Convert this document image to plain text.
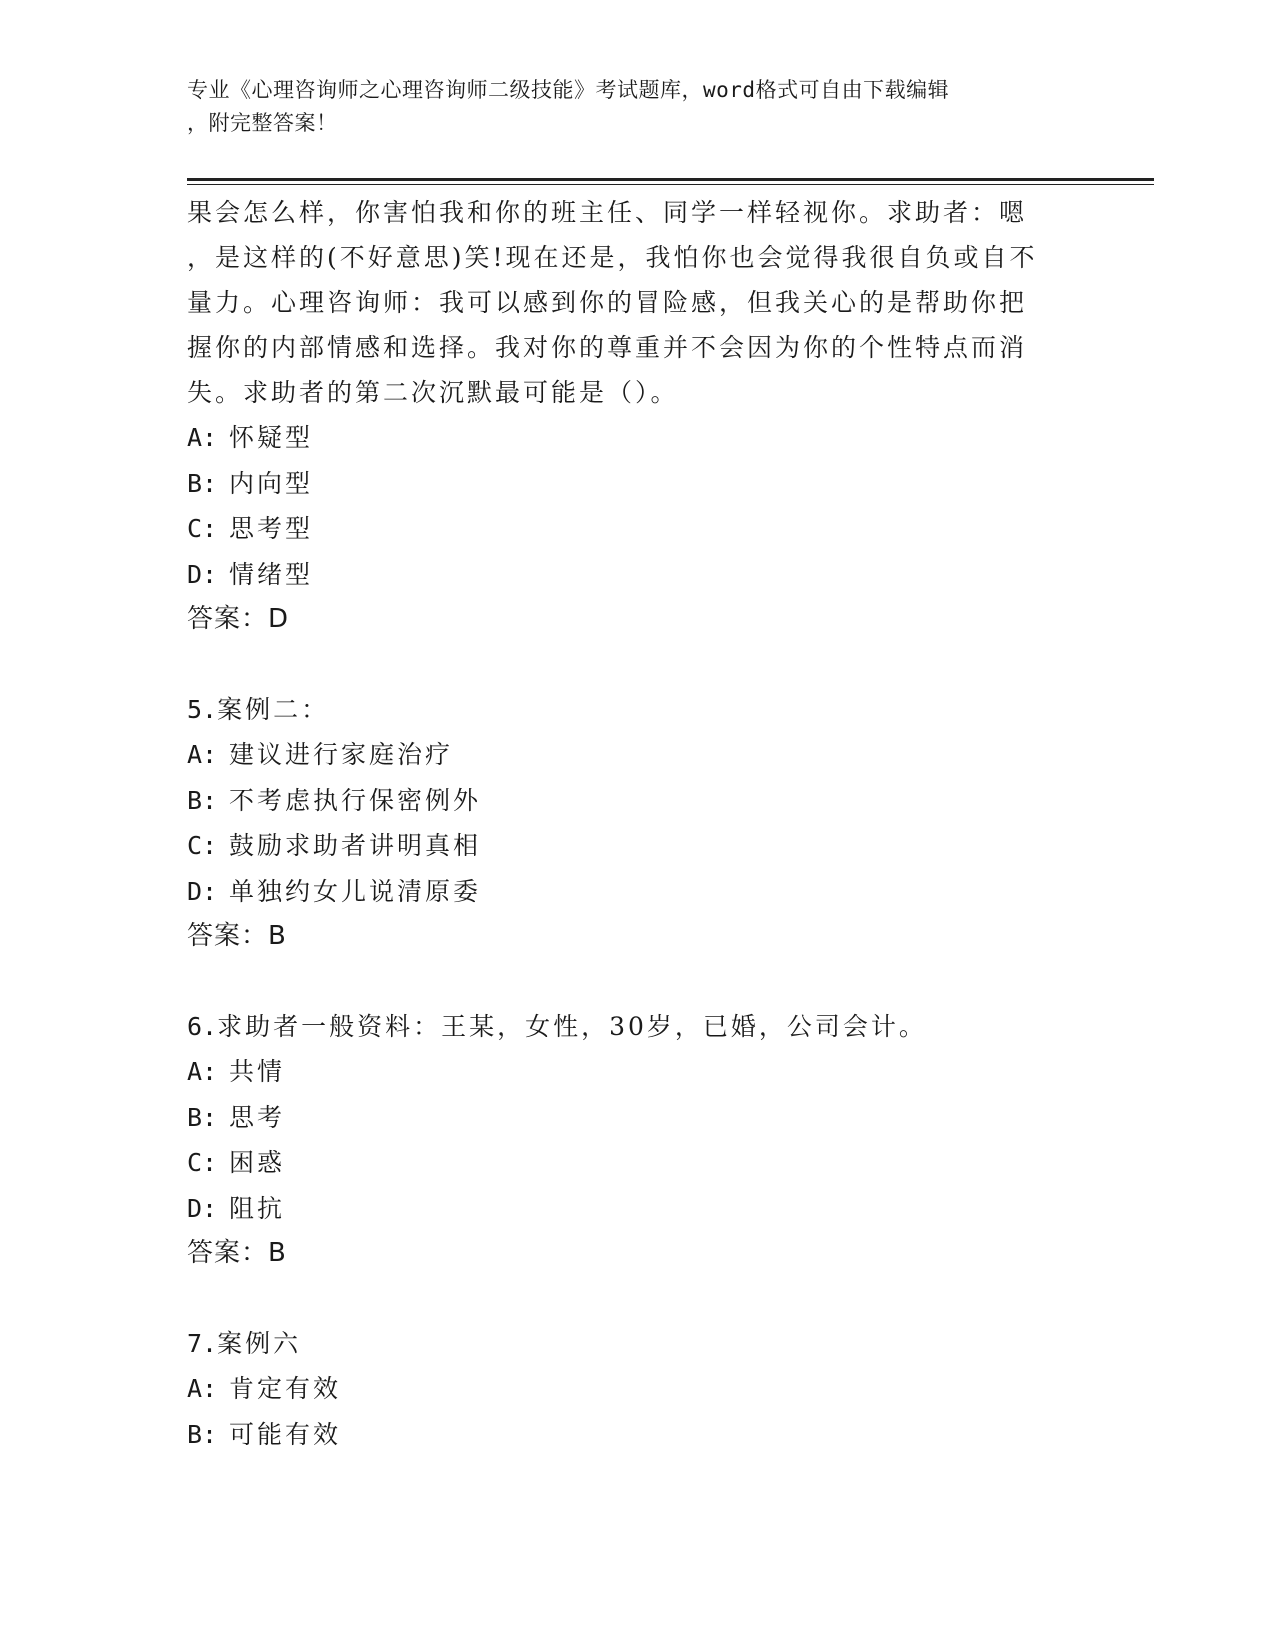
专业《心理咨询师之心理咨询师二级技能》考试题库，word格式可自由下载编辑
，附完整答案！
果会怎么样，你害怕我和你的班主任、同学一样轻视你。求助者：嗯
，是这样的(不好意思)笑!现在还是，我怕你也会觉得我很自负或自不
量力。心理咨询师：我可以感到你的冒险感，但我关心的是帮助你把
握你的内部情感和选择。我对你的尊重并不会因为你的个性特点而消
失。求助者的第二次沉默最可能是（）。
A: 怀疑型
B: 内向型
C: 思考型
D: 情绪型
答案：D
5.案例二：
A: 建议进行家庭治疗
B: 不考虑执行保密例外
C: 鼓励求助者讲明真相
D: 单独约女儿说清原委
答案：B
6.求助者一般资料：王某，女性，30岁，已婚，公司会计。
A: 共情
B: 思考
C: 困惑
D: 阻抗
答案：B
7.案例六
A: 肯定有效
B: 可能有效
